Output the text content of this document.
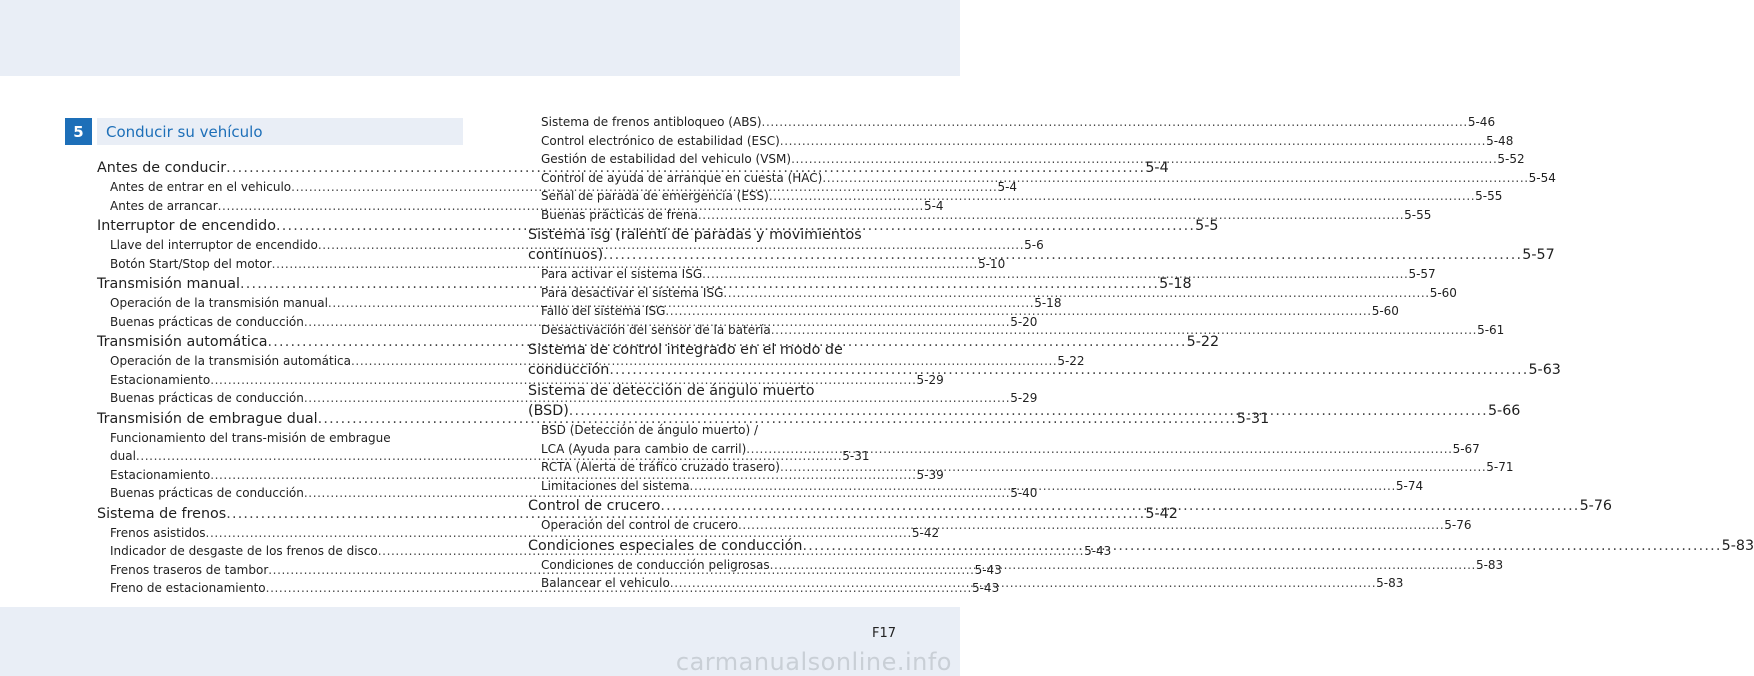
5	Conducir su vehículo
Antes de conducir .....	5-4
Antes de entrar en el vehiculo .....	5-4
Antes de arrancar .....	5-4
Interruptor de encendido .....	5-5
Llave del interruptor de encendido .....	5-6
Botón Start/Stop del motor .....	5-10
Transmisión manual .....	5-18
Operación de la transmisión manual .....	5-18
Buenas prácticas de conducción .....	5-20
Transmisión automática .....	5-22
Operación de la transmisión automática .....	5-22
Estacionamiento .....	5-29
Buenas prácticas de conducción .....	5-29
Transmisión de embrague dual .....	5-31
Funcionamiento del trans-misión de embrague
dual .....	5-31
Estacionamiento .....	5-39
Buenas prácticas de conducción .....	5-40
Sistema de frenos .....	5-42
Frenos asistidos .....	5-42
Indicador de desgaste de los frenos de disco .....	5-43
Frenos traseros de tambor .....	5-43
Freno de estacionamiento .....	5-43
Sistema de frenos antibloqueo (ABS) .....	5-46
Control electrónico de estabilidad (ESC) .....	5-48
Gestión de estabilidad del vehiculo (VSM) .....	5-52
Control de ayuda de arranque en cuesta (HAC) .....	5-54
Señal de parada de emergencia (ESS) .....	5-55
Buenas prácticas de frena .....	5-55
Sistema isg (ralentí de paradas y movimientos
continuos) .....	5-57
Para activar el sistema ISG .....	5-57
Para desactivar el sistema ISG .....	5-60
Fallo del sistema ISG .....	5-60
Desactivación del sensor de la batería .....	5-61
Sistema de control integrado en el modo de
conducción .....	5-63
Sistema de detección de ángulo muerto
(BSD) .....	5-66
BSD (Detección de ángulo muerto) /
LCA (Ayuda para cambio de carril) .....	5-67
RCTA (Alerta de tráfico cruzado trasero) .....	5-71
Limitaciones del sistema .....	5-74
Control de crucero .....	5-76
Operación del control de crucero .....	5-76
Condiciones especiales de conducción .....	5-83
Condiciones de conducción peligrosas .....	5-83
Balancear el vehiculo .....	5-83
F17
carmanualsonline.info
